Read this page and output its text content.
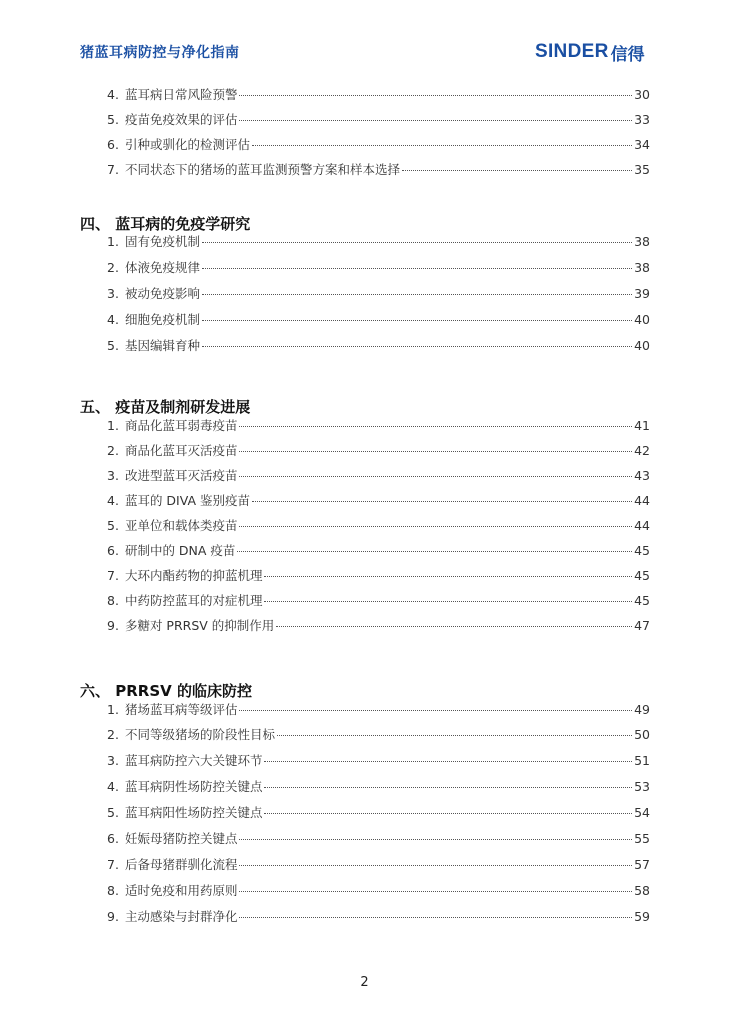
猪蓝耳病防控与净化指南	SINDER 信得
4. 蓝耳病日常风险预警	30
5. 疫苗免疫效果的评估	33
6. 引种或驯化的检测评估	34
7. 不同状态下的猪场的蓝耳监测预警方案和样本选择	35
四、 蓝耳病的免疫学研究
1. 固有免疫机制	38
2. 体液免疫规律	38
3. 被动免疫影响	39
4. 细胞免疫机制	40
5. 基因编辑育种	40
五、 疫苗及制剂研发进展
1. 商品化蓝耳弱毒疫苗	41
2. 商品化蓝耳灭活疫苗	42
3. 改进型蓝耳灭活疫苗	43
4. 蓝耳的 DIVA 鉴别疫苗	44
5. 亚单位和载体类疫苗	44
6. 研制中的 DNA 疫苗	45
7. 大环内酯药物的抑蓝机理	45
8. 中药防控蓝耳的对症机理	45
9. 多糖对 PRRSV 的抑制作用	47
六、 PRRSV 的临床防控
1. 猪场蓝耳病等级评估	49
2. 不同等级猪场的阶段性目标	50
3. 蓝耳病防控六大关键环节	51
4. 蓝耳病阴性场防控关键点	53
5. 蓝耳病阳性场防控关键点	54
6. 妊娠母猪防控关键点	55
7. 后备母猪群驯化流程	57
8. 适时免疫和用药原则	58
9. 主动感染与封群净化	59
2
